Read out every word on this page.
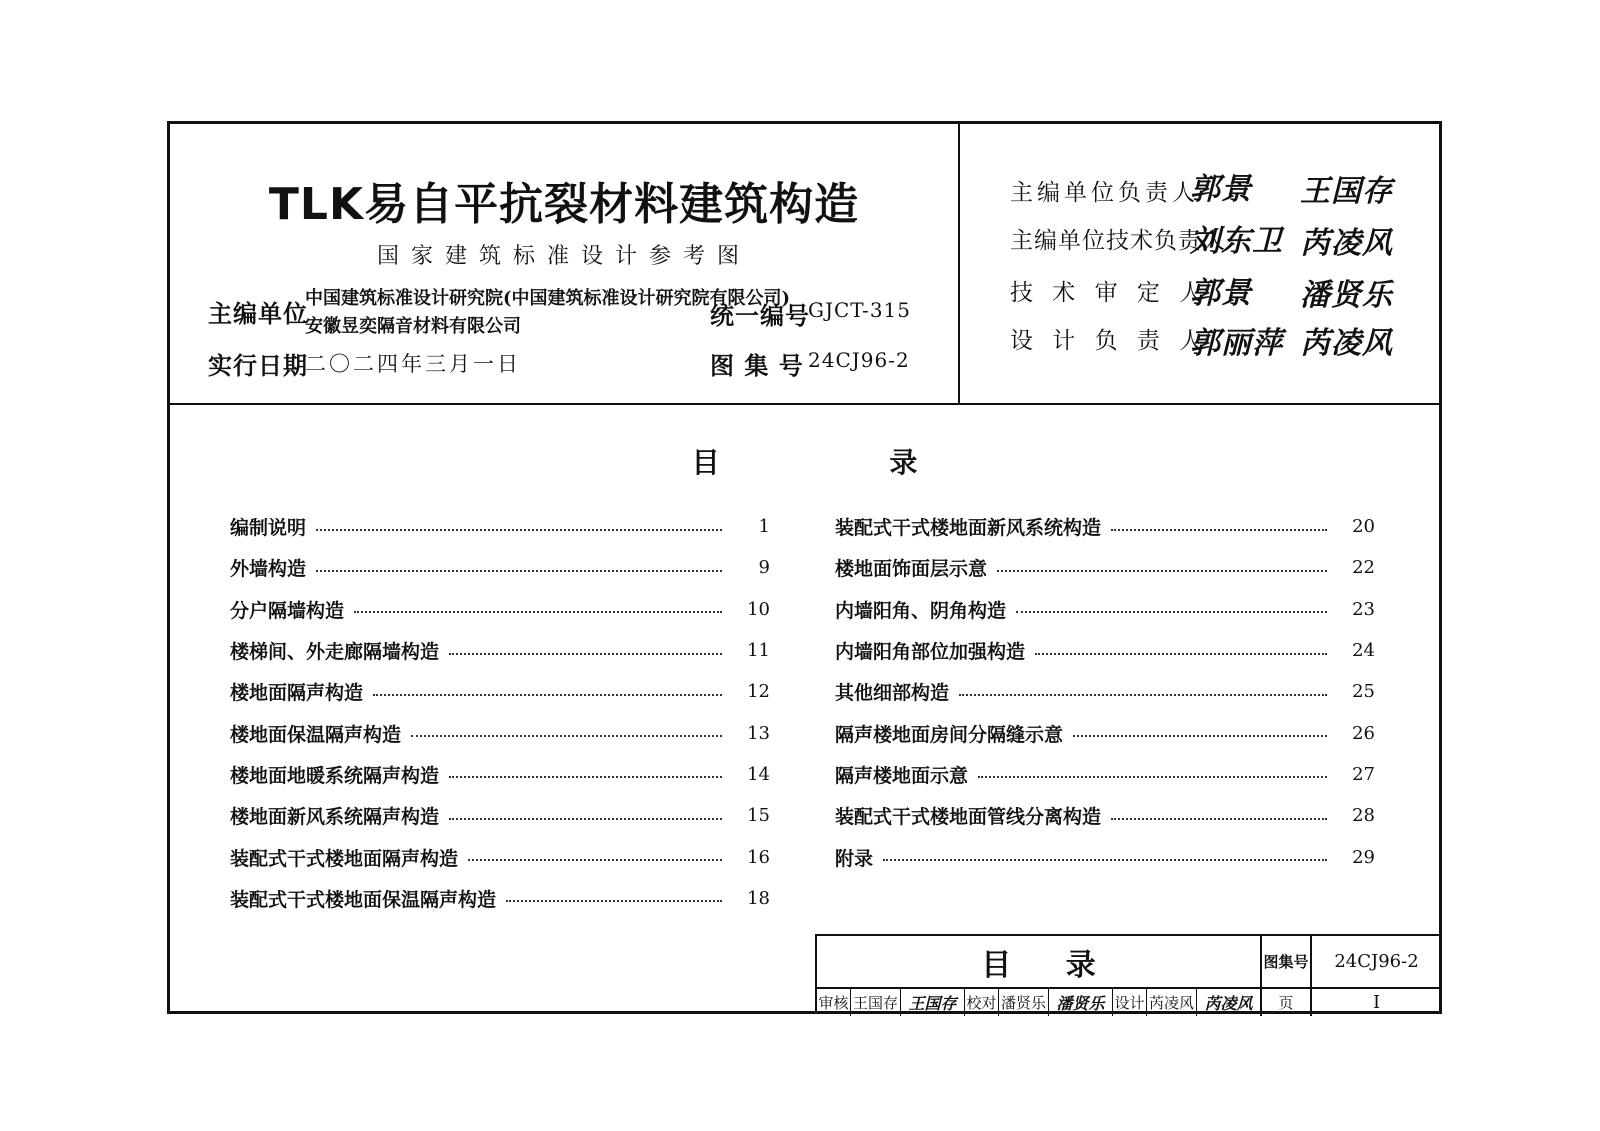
TLK易自平抗裂材料建筑构造
国家建筑标准设计参考图
主编单位
中国建筑标准设计研究院(中国建筑标准设计研究院有限公司)
安徽昱奕隔音材料有限公司	统一编号
GJCT-315
实行日期
二〇二四年三月一日	图 集 号 24CJ96-2
主编单位负责人
郭景 王国存
主编单位技术负责人
刘东卫 芮凌风
技 术 审 定 人
郭景 潘贤乐
设 计 负 责 人
郭丽萍 芮凌风
目 录
编制说明	1
外墙构造	9
分户隔墙构造	10
楼梯间、外走廊隔墙构造	11
楼地面隔声构造	12
楼地面保温隔声构造	13
楼地面地暖系统隔声构造	14
楼地面新风系统隔声构造	15
装配式干式楼地面隔声构造	16
装配式干式楼地面保温隔声构造	18
装配式干式楼地面新风系统构造	20
楼地面饰面层示意	22
内墙阳角、阴角构造	23
内墙阳角部位加强构造	24
其他细部构造	25
隔声楼地面房间分隔缝示意	26
隔声楼地面示意	27
装配式干式楼地面管线分离构造	28
附录	29
目 录	图集号	24CJ96-2
审核 王国存 王国存 校对 潘贤乐 潘贤乐 设计 芮凌风 芮凌风	页	I
